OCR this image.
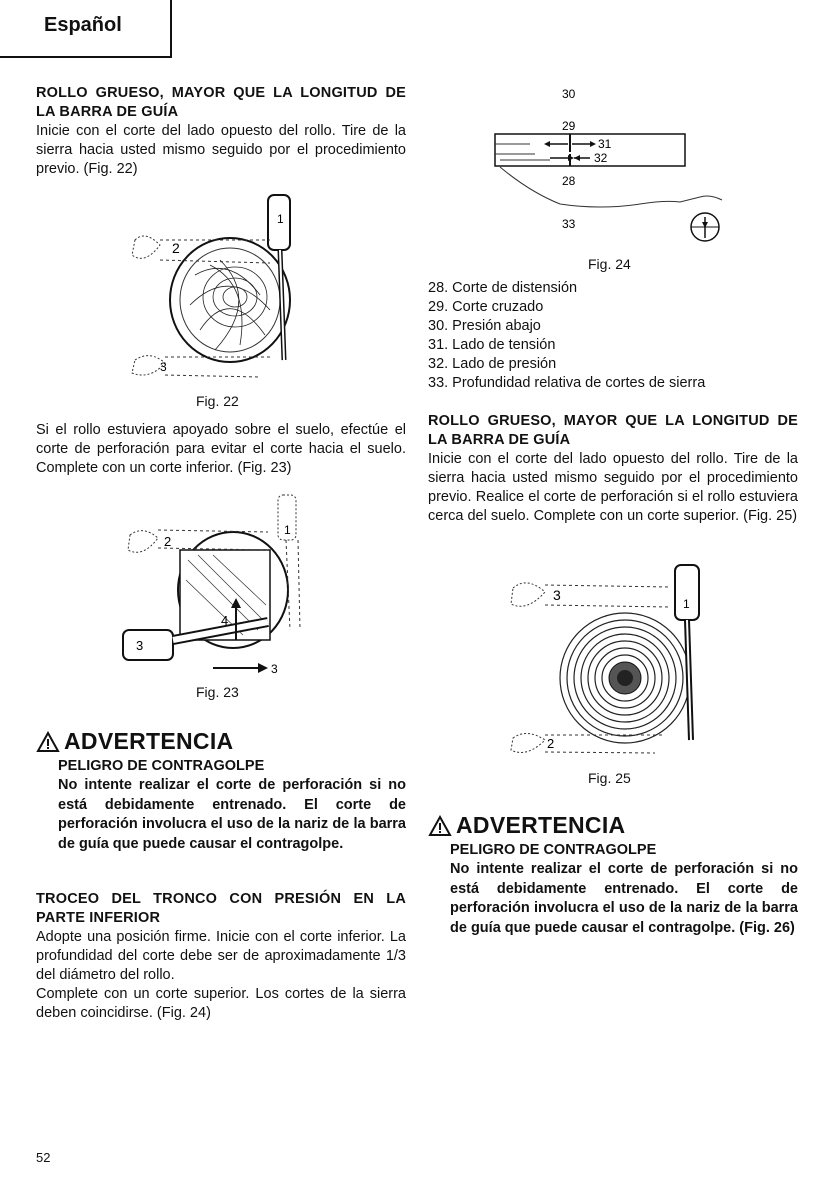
Español

ROLLO GRUESO, MAYOR QUE LA LONGITUD DE LA BARRA DE GUÍA

Inicie con el corte del lado opuesto del rollo. Tire de la sierra hacia usted mismo seguido por el procedimiento previo. (Fig. 22)

1
2
3
Fig. 22

Si el rollo estuviera apoyado sobre el suelo, efectúe el corte de perforación para evitar el corte hacia el suelo. Complete con un corte inferior. (Fig. 23)

1
2
3
4
3
Fig. 23
ADVERTENCIA
PELIGRO DE CONTRAGOLPE
No intente realizar el corte de perforación si no está debidamente entrenado. El corte de perforación involucra el uso de la nariz de la barra de guía que puede causar el contragolpe.

TROCEO DEL TRONCO CON PRESIÓN EN LA PARTE INFERIOR

Adopte una posición firme. Inicie con el corte inferior. La profundidad del corte debe ser de aproximadamente 1/3 del diámetro del rollo.

Complete con un corte superior. Los cortes de la sierra deben coincidirse. (Fig. 24)

30
29
31
32
28
33
Fig. 24
28. Corte de distensión
29. Corte cruzado
30. Presión abajo
31. Lado de tensión
32. Lado de presión
33. Profundidad relativa de cortes de sierra

ROLLO GRUESO, MAYOR QUE LA LONGITUD DE LA BARRA DE GUÍA

Inicie con el corte del lado opuesto del rollo. Tire de la sierra hacia usted mismo seguido por el procedimiento previo. Realice el corte de perforación si el rollo estuviera cerca del suelo. Complete con un corte superior. (Fig. 25)

3
1
2
Fig. 25
ADVERTENCIA
PELIGRO DE CONTRAGOLPE
No intente realizar el corte de perforación si no está debidamente entrenado. El corte de perforación involucra el uso de la nariz de la barra de guía que puede causar el contragolpe. (Fig. 26)
52
